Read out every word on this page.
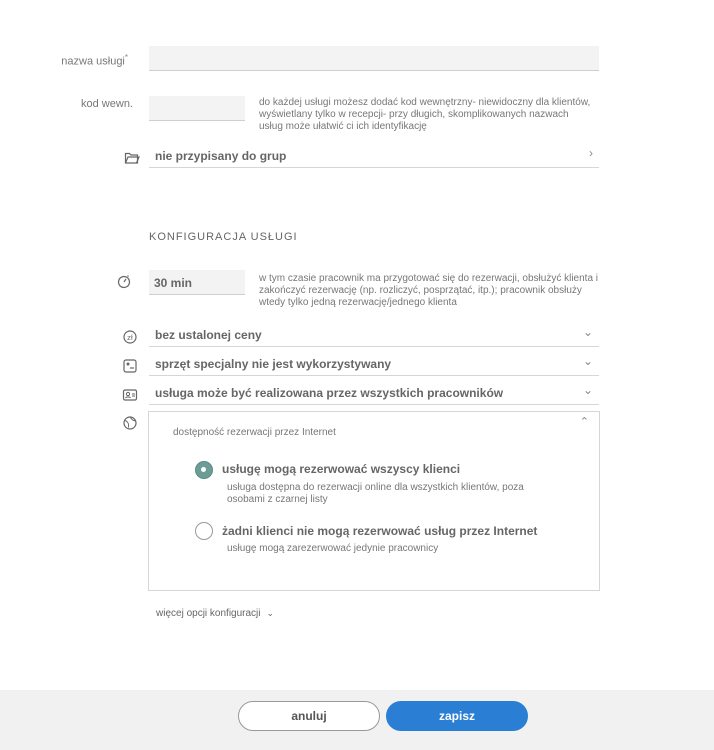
nazwa usługi*
kod wewn.	do każdej usługi możesz dodać kod wewnętrzny- niewidoczny dla klientów, wyświetlany tylko w recepcji- przy długich, skomplikowanych nazwach usług może ułatwić ci ich identyfikację
nie przypisany do grup	›
KONFIGURACJA USŁUGI
30 min	w tym czasie pracownik ma przygotować się do rezerwacji, obsłużyć klienta i zakończyć rezerwację (np. rozliczyć, posprzątać, itp.); pracownik obsłuży wtedy tylko jedną rezerwację/jednego klienta
zł bez ustalonej ceny	⌄
sprzęt specjalny nie jest wykorzystywany	⌄
usługa może być realizowana przez wszystkich pracowników	⌄
dostępność rezerwacji przez Internet
⌃
usługę mogą rezerwować wszyscy klienci
usługa dostępna do rezerwacji online dla wszystkich klientów, poza osobami z czarnej listy
żadni klienci nie mogą rezerwować usług przez Internet
usługę mogą zarezerwować jedynie pracownicy
więcej opcji konfiguracji ⌄
anuluj	zapisz
